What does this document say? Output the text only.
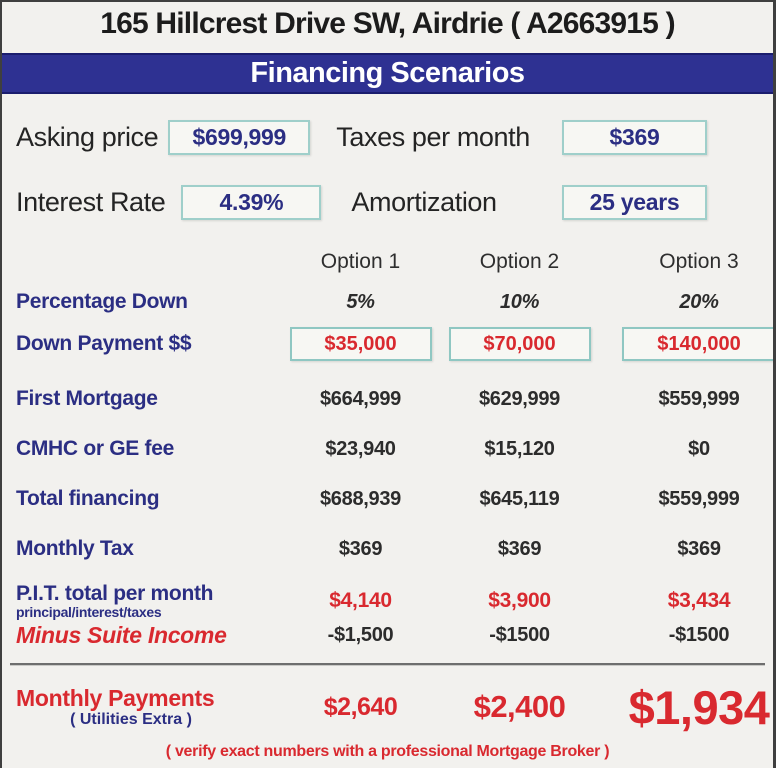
165 Hillcrest Drive SW, Airdrie ( A2663915 )
Financing Scenarios
Asking price $699,999 Taxes per month	$369
Interest Rate 4.39%	Amortization	25 years
Option 1	Option 2	Option 3
Percentage Down	5%	10%	20%
Down Payment $$	$35,000	$70,000	$140,000
First Mortgage	$664,999	$629,999	$559,999
CMHC or GE fee	$23,940	$15,120	$0
Total financing	$688,939	$645,119	$559,999
Monthly Tax	$369	$369	$369
P.I.T. total per month
principal/interest/taxes	$4,140	$3,900	$3,434
Minus Suite Income	-$1,500	-$1500	-$1500
Monthly Payments
( Utilities Extra )	$2,640	$2,400	$1,934
( verify exact numbers with a professional Mortgage Broker )
